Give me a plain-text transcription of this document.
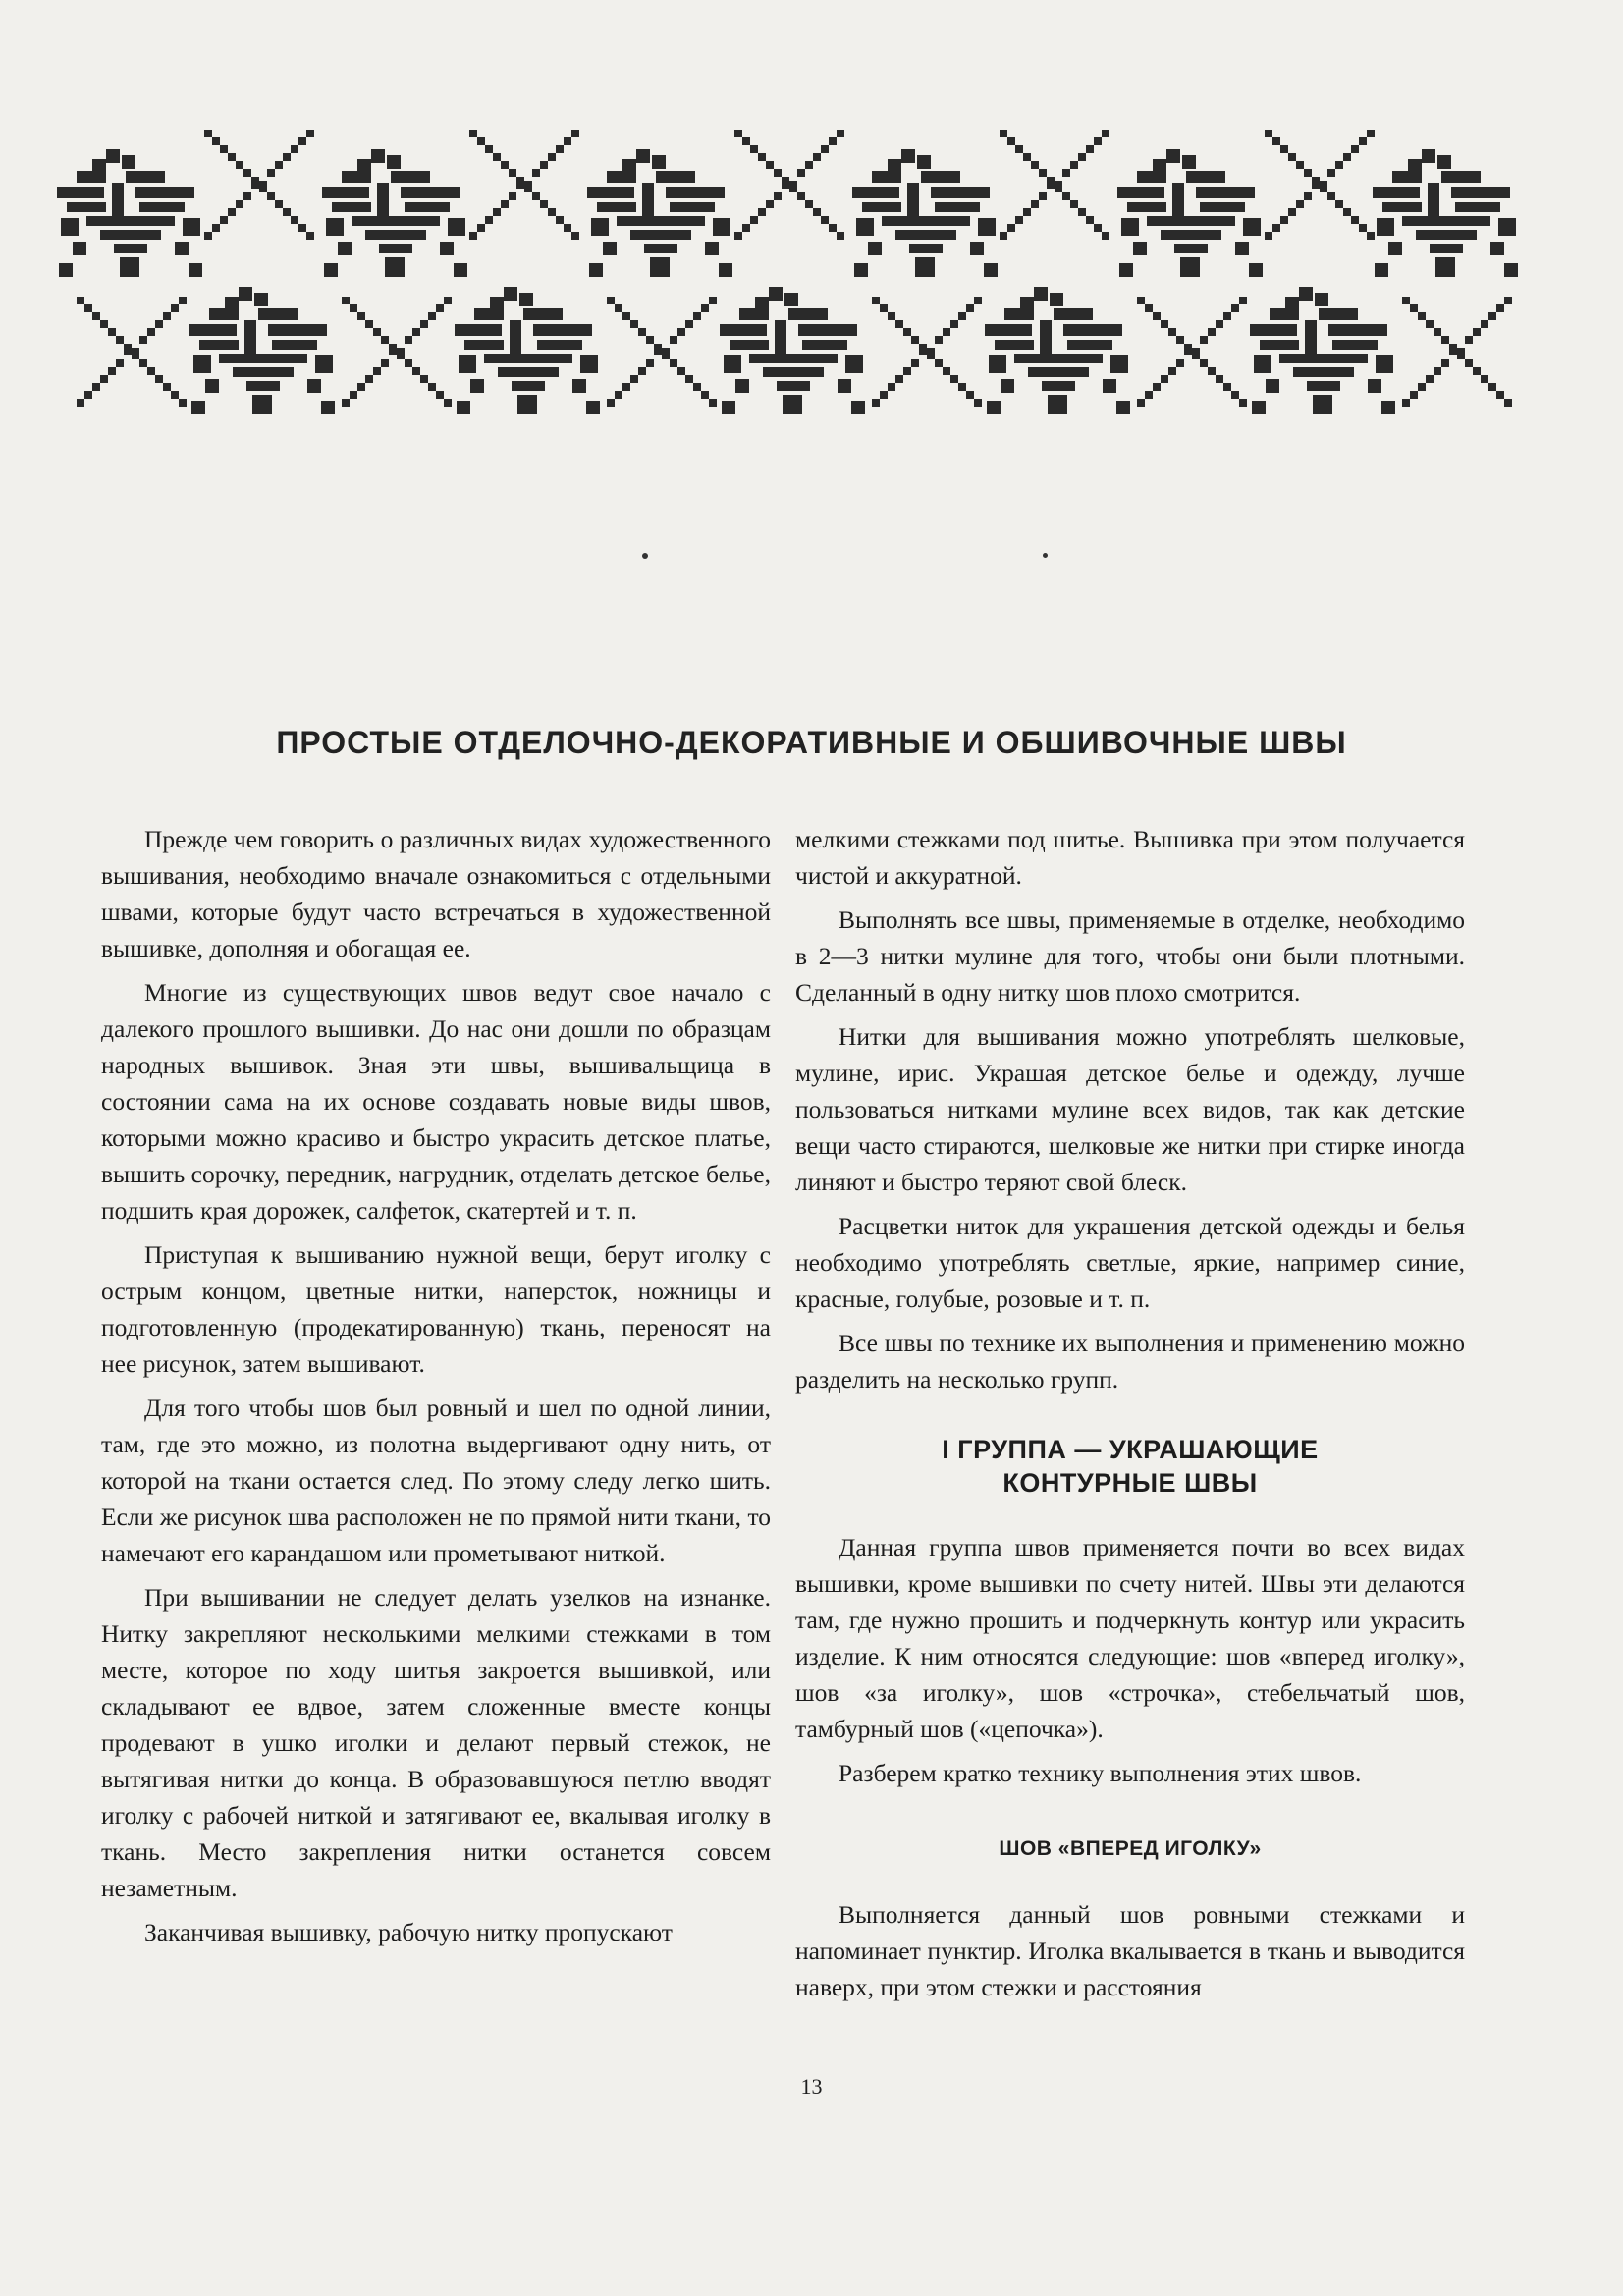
ПРОСТЫЕ ОТДЕЛОЧНО-ДЕКОРАТИВНЫЕ И ОБШИВОЧНЫЕ ШВЫ

Прежде чем говорить о различных видах художественного вышивания, необходимо вначале ознакомиться с отдельными швами, которые будут часто встречаться в художественной вышивке, дополняя и обогащая ее.

Многие из существующих швов ведут свое начало с далекого прошлого вышивки. До нас они дошли по образцам народных вышивок. Зная эти швы, вышивальщица в состоянии сама на их основе создавать новые виды швов, которыми можно красиво и быстро украсить детское платье, вышить сорочку, передник, нагрудник, отделать детское белье, подшить края дорожек, салфеток, скатертей и т. п.

Приступая к вышиванию нужной вещи, берут иголку с острым концом, цветные нитки, наперсток, ножницы и подготовленную (продекатированную) ткань, переносят на нее рисунок, затем вышивают.

Для того чтобы шов был ровный и шел по одной линии, там, где это можно, из полотна выдергивают одну нить, от которой на ткани остается след. По этому следу легко шить. Если же рисунок шва расположен не по прямой нити ткани, то намечают его карандашом или прометывают ниткой.

При вышивании не следует делать узелков на изнанке. Нитку закрепляют несколькими мелкими стежками в том месте, которое по ходу шитья закроется вышивкой, или складывают ее вдвое, затем сложенные вместе концы продевают в ушко иголки и делают первый стежок, не вытягивая нитки до конца. В образовавшуюся петлю вводят иголку с рабочей ниткой и затягивают ее, вкалывая иголку в ткань. Место закрепления нитки останется совсем незаметным.

Заканчивая вышивку, рабочую нитку пропускают

мелкими стежками под шитье. Вышивка при этом получается чистой и аккуратной.

Выполнять все швы, применяемые в отделке, необходимо в 2—3 нитки мулине для того, чтобы они были плотными. Сделанный в одну нитку шов плохо смотрится.

Нитки для вышивания можно употреблять шелковые, мулине, ирис. Украшая детское белье и одежду, лучше пользоваться нитками мулине всех видов, так как детские вещи часто стираются, шелковые же нитки при стирке иногда линяют и быстро теряют свой блеск.

Расцветки ниток для украшения детской одежды и белья необходимо употреблять светлые, яркие, например синие, красные, голубые, розовые и т. п.

Все швы по технике их выполнения и применению можно разделить на несколько групп.

I ГРУППА — УКРАШАЮЩИЕ
КОНТУРНЫЕ ШВЫ

Данная группа швов применяется почти во всех видах вышивки, кроме вышивки по счету нитей. Швы эти делаются там, где нужно прошить и подчеркнуть контур или украсить изделие. К ним относятся следующие: шов «вперед иголку», шов «за иголку», шов «строчка», стебельчатый шов, тамбурный шов («цепочка»).

Разберем кратко технику выполнения этих швов.

ШОВ «ВПЕРЕД ИГОЛКУ»

Выполняется данный шов ровными стежками и напоминает пунктир. Иголка вкалывается в ткань и выводится наверх, при этом стежки и расстояния

13
